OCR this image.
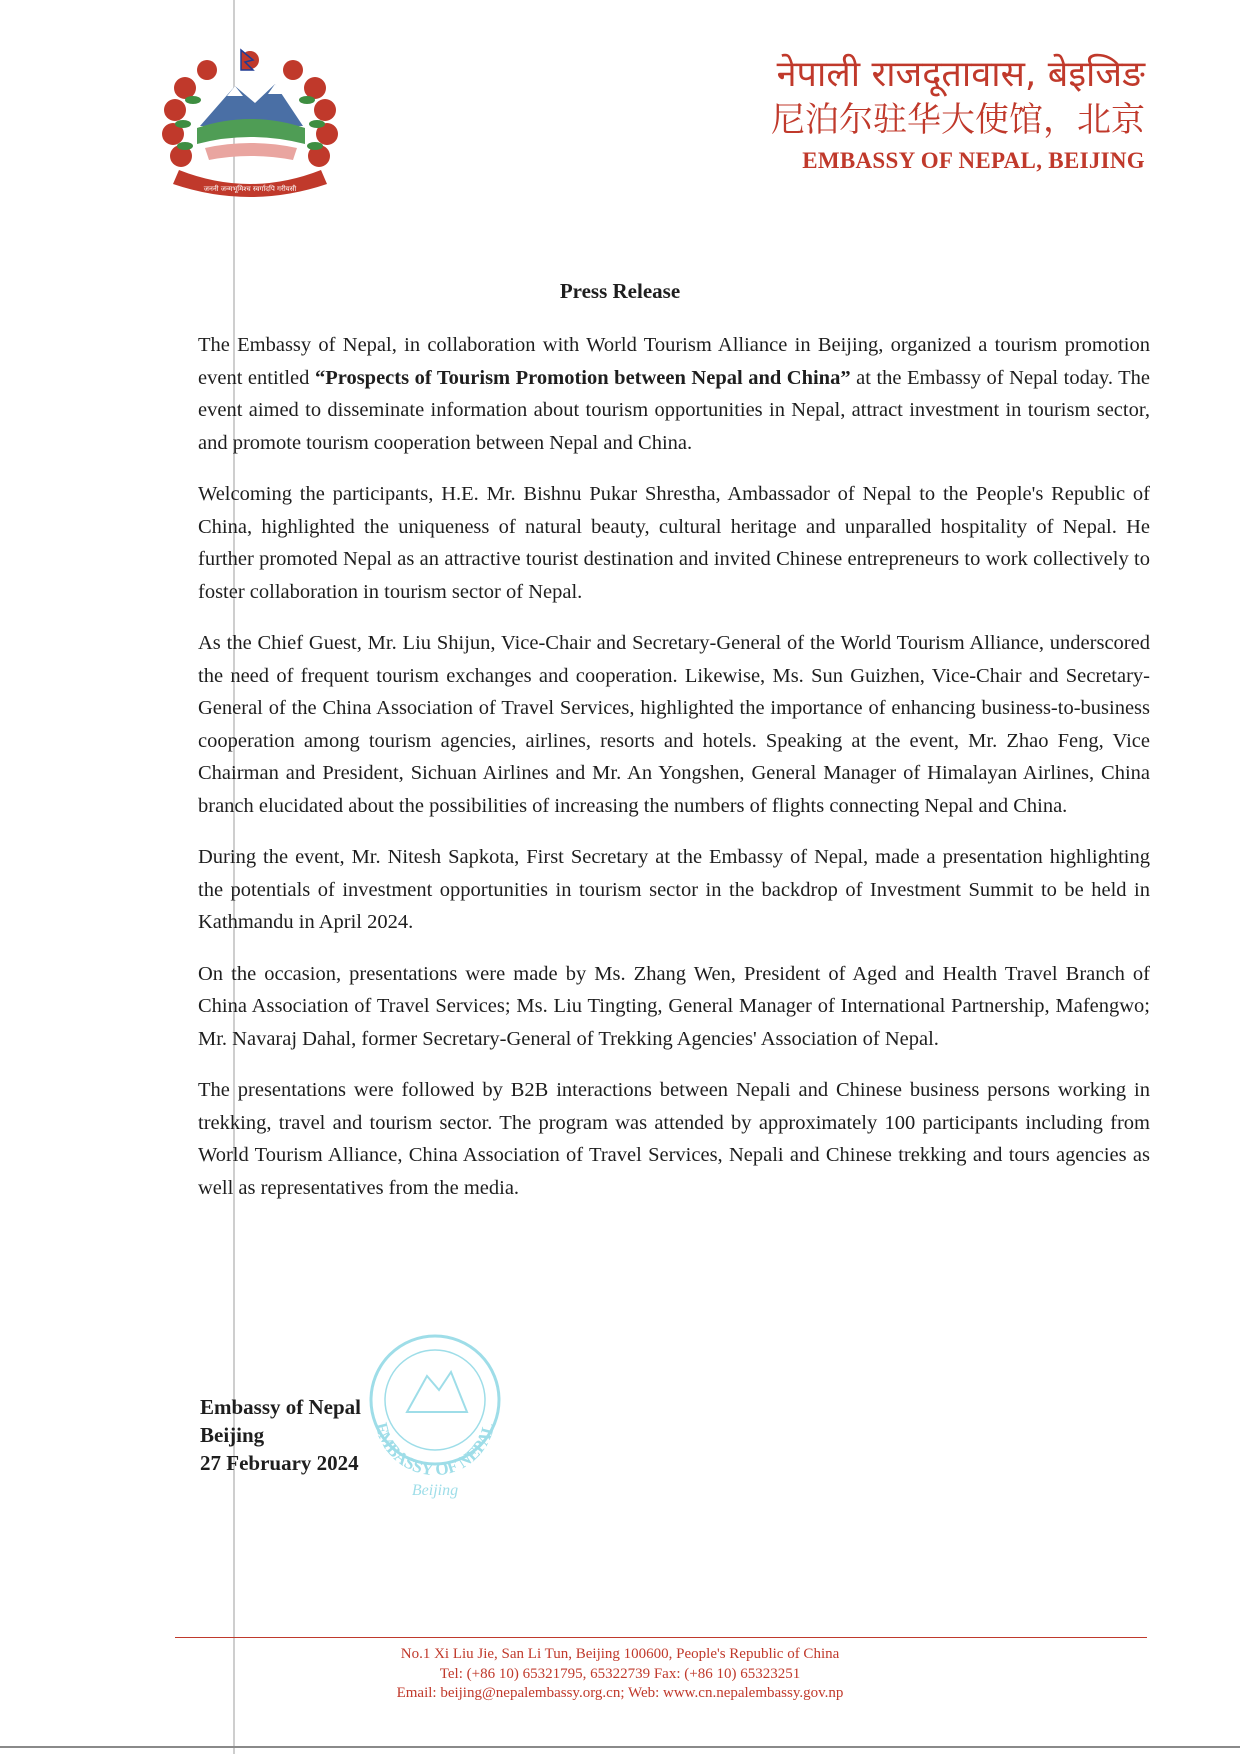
जननी जन्मभूमिश्च स्वर्गादपि गरीयसी
नेपाली राजदूतावास, बेइजिङ
尼泊尔驻华大使馆，北京
EMBASSY OF NEPAL, BEIJING
Press Release

The Embassy of Nepal, in collaboration with World Tourism Alliance in Beijing, organized a tourism promotion event entitled “Prospects of Tourism Promotion between Nepal and China” at the Embassy of Nepal today. The event aimed to disseminate information about tourism opportunities in Nepal, attract investment in tourism sector, and promote tourism cooperation between Nepal and China.

Welcoming the participants, H.E. Mr. Bishnu Pukar Shrestha, Ambassador of Nepal to the People's Republic of China, highlighted the uniqueness of natural beauty, cultural heritage and unparalled hospitality of Nepal. He further promoted Nepal as an attractive tourist destination and invited Chinese entrepreneurs to work collectively to foster collaboration in tourism sector of Nepal.

As the Chief Guest, Mr. Liu Shijun, Vice-Chair and Secretary-General of the World Tourism Alliance, underscored the need of frequent tourism exchanges and cooperation. Likewise, Ms. Sun Guizhen, Vice-Chair and Secretary-General of the China Association of Travel Services, highlighted the importance of enhancing business-to-business cooperation among tourism agencies, airlines, resorts and hotels. Speaking at the event, Mr. Zhao Feng, Vice Chairman and President, Sichuan Airlines and Mr. An Yongshen, General Manager of Himalayan Airlines, China branch elucidated about the possibilities of increasing the numbers of flights connecting Nepal and China.

During the event, Mr. Nitesh Sapkota, First Secretary at the Embassy of Nepal, made a presentation highlighting the potentials of investment opportunities in tourism sector in the backdrop of Investment Summit to be held in Kathmandu in April 2024.

On the occasion, presentations were made by Ms. Zhang Wen, President of Aged and Health Travel Branch of China Association of Travel Services; Ms. Liu Tingting, General Manager of International Partnership, Mafengwo; Mr. Navaraj Dahal, former Secretary-General of Trekking Agencies' Association of Nepal.

The presentations were followed by B2B interactions between Nepali and Chinese business persons working in trekking, travel and tourism sector. The program was attended by approximately 100 participants including from World Tourism Alliance, China Association of Travel Services, Nepali and Chinese trekking and tours agencies as well as representatives from the media.

Embassy of Nepal
Beijing
27 February 2024
EMBASSY OF NEPAL
Beijing
No.1 Xi Liu Jie, San Li Tun, Beijing 100600, People's Republic of China
Tel: (+86 10) 65321795, 65322739 Fax: (+86 10) 65323251
Email: beijing@nepalembassy.org.cn; Web: www.cn.nepalembassy.gov.np
